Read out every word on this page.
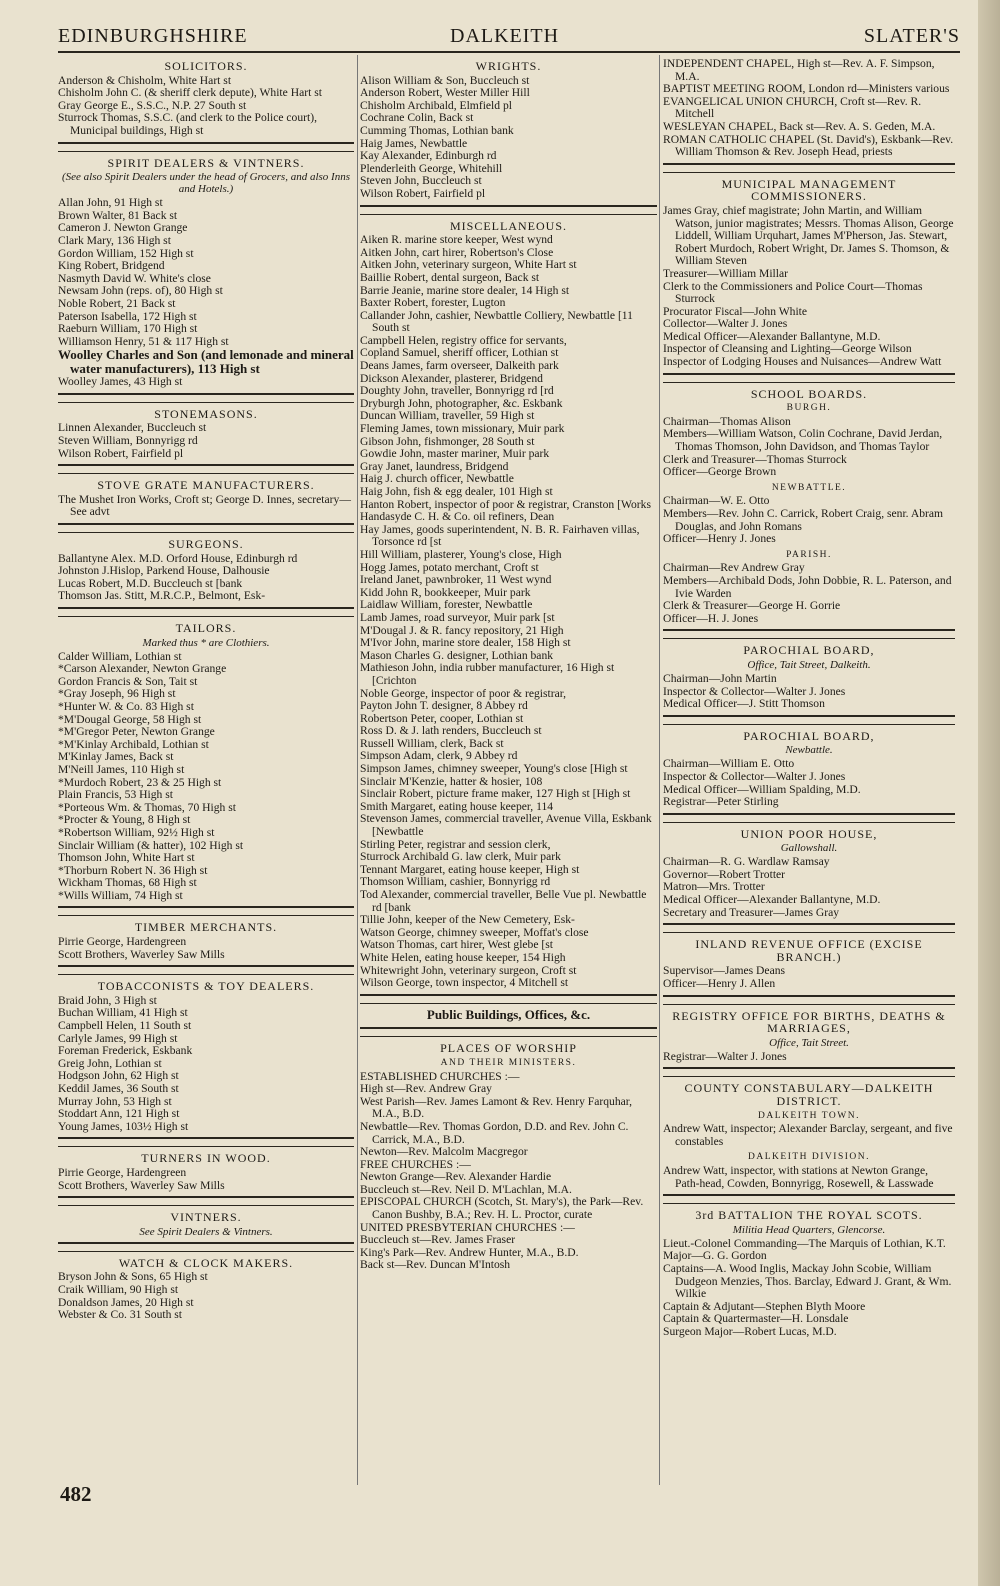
EDINBURGHSHIRE	DALKEITH	SLATER'S
SOLICITORS.
Anderson & Chisholm, White Hart st
Chisholm John C. (& sheriff clerk depute), White Hart st
Gray George E., S.S.C., N.P. 27 South st
Sturrock Thomas, S.S.C. (and clerk to the Police court), Municipal buildings, High st
SPIRIT DEALERS & VINTNERS.
(See also Spirit Dealers under the head of Grocers, and also Inns and Hotels.)
Allan John, 91 High st
Brown Walter, 81 Back st
Cameron J. Newton Grange
Clark Mary, 136 High st
Gordon William, 152 High st
King Robert, Bridgend
Nasmyth David W. White's close
Newsam John (reps. of), 80 High st
Noble Robert, 21 Back st
Paterson Isabella, 172 High st
Raeburn William, 170 High st
Williamson Henry, 51 & 117 High st
Woolley Charles and Son (and lemonade and mineral water manufacturers), 113 High st
Woolley James, 43 High st
STONEMASONS.
Linnen Alexander, Buccleuch st
Steven William, Bonnyrigg rd
Wilson Robert, Fairfield pl
STOVE GRATE MANUFACTURERS.
The Mushet Iron Works, Croft st; George D. Innes, secretary—See advt
SURGEONS.
Ballantyne Alex. M.D. Orford House, Edinburgh rd
Johnston J.Hislop, Parkend House, Dalhousie
Lucas Robert, M.D. Buccleuch st [bank
Thomson Jas. Stitt, M.R.C.P., Belmont, Esk-
TAILORS.
Marked thus * are Clothiers.
Calder William, Lothian st
*Carson Alexander, Newton Grange
Gordon Francis & Son, Tait st
*Gray Joseph, 96 High st
*Hunter W. & Co. 83 High st
*M'Dougal George, 58 High st
*M'Gregor Peter, Newton Grange
*M'Kinlay Archibald, Lothian st
M'Kinlay James, Back st
M'Neill James, 110 High st
*Murdoch Robert, 23 & 25 High st
Plain Francis, 53 High st
*Porteous Wm. & Thomas, 70 High st
*Procter & Young, 8 High st
*Robertson William, 92½ High st
Sinclair William (& hatter), 102 High st
Thomson John, White Hart st
*Thorburn Robert N. 36 High st
Wickham Thomas, 68 High st
*Wills William, 74 High st
TIMBER MERCHANTS.
Pirrie George, Hardengreen
Scott Brothers, Waverley Saw Mills
TOBACCONISTS & TOY DEALERS.
Braid John, 3 High st
Buchan William, 41 High st
Campbell Helen, 11 South st
Carlyle James, 99 High st
Foreman Frederick, Eskbank
Greig John, Lothian st
Hodgson John, 62 High st
Keddil James, 36 South st
Murray John, 53 High st
Stoddart Ann, 121 High st
Young James, 103½ High st
TURNERS IN WOOD.
Pirrie George, Hardengreen
Scott Brothers, Waverley Saw Mills
VINTNERS.
See Spirit Dealers & Vintners.
WATCH & CLOCK MAKERS.
Bryson John & Sons, 65 High st
Craik William, 90 High st
Donaldson James, 20 High st
Webster & Co. 31 South st
WRIGHTS.
Alison William & Son, Buccleuch st
Anderson Robert, Wester Miller Hill
Chisholm Archibald, Elmfield pl
Cochrane Colin, Back st
Cumming Thomas, Lothian bank
Haig James, Newbattle
Kay Alexander, Edinburgh rd
Plenderleith George, Whitehill
Steven John, Buccleuch st
Wilson Robert, Fairfield pl
MISCELLANEOUS.
Aiken R. marine store keeper, West wynd
Aitken John, cart hirer, Robertson's Close
Aitken John, veterinary surgeon, White Hart st
Baillie Robert, dental surgeon, Back st
Barrie Jeanie, marine store dealer, 14 High st
Baxter Robert, forester, Lugton
Callander John, cashier, Newbattle Colliery, Newbattle [11 South st
Campbell Helen, registry office for servants,
Copland Samuel, sheriff officer, Lothian st
Deans James, farm overseer, Dalkeith park
Dickson Alexander, plasterer, Bridgend
Doughty John, traveller, Bonnyrigg rd [rd
Dryburgh John, photographer, &c. Eskbank
Duncan William, traveller, 59 High st
Fleming James, town missionary, Muir park
Gibson John, fishmonger, 28 South st
Gowdie John, master mariner, Muir park
Gray Janet, laundress, Bridgend
Haig J. church officer, Newbattle
Haig John, fish & egg dealer, 101 High st
Hanton Robert, inspector of poor & registrar, Cranston [Works
Handasyde C. H. & Co. oil refiners, Dean
Hay James, goods superintendent, N. B. R. Fairhaven villas, Torsonce rd [st
Hill William, plasterer, Young's close, High
Hogg James, potato merchant, Croft st
Ireland Janet, pawnbroker, 11 West wynd
Kidd John R, bookkeeper, Muir park
Laidlaw William, forester, Newbattle
Lamb James, road surveyor, Muir park [st
M'Dougal J. & R. fancy repository, 21 High
M'Ivor John, marine store dealer, 158 High st
Mason Charles G. designer, Lothian bank
Mathieson John, india rubber manufacturer, 16 High st [Crichton
Noble George, inspector of poor & registrar,
Payton John T. designer, 8 Abbey rd
Robertson Peter, cooper, Lothian st
Ross D. & J. lath renders, Buccleuch st
Russell William, clerk, Back st
Simpson Adam, clerk, 9 Abbey rd
Simpson James, chimney sweeper, Young's close [High st
Sinclair M'Kenzie, hatter & hosier, 108
Sinclair Robert, picture frame maker, 127 High st [High st
Smith Margaret, eating house keeper, 114
Stevenson James, commercial traveller, Avenue Villa, Eskbank [Newbattle
Stirling Peter, registrar and session clerk,
Sturrock Archibald G. law clerk, Muir park
Tennant Margaret, eating house keeper, High st
Thomson William, cashier, Bonnyrigg rd
Tod Alexander, commercial traveller, Belle Vue pl. Newbattle rd [bank
Tillie John, keeper of the New Cemetery, Esk-
Watson George, chimney sweeper, Moffat's close
Watson Thomas, cart hirer, West glebe [st
White Helen, eating house keeper, 154 High
Whitewright John, veterinary surgeon, Croft st
Wilson George, town inspector, 4 Mitchell st
Public Buildings, Offices, &c.
PLACES OF WORSHIP
AND THEIR MINISTERS.
ESTABLISHED CHURCHES :—
High st—Rev. Andrew Gray
West Parish—Rev. James Lamont & Rev. Henry Farquhar, M.A., B.D.
Newbattle—Rev. Thomas Gordon, D.D. and Rev. John C. Carrick, M.A., B.D.
Newton—Rev. Malcolm Macgregor
FREE CHURCHES :—
Newton Grange—Rev. Alexander Hardie
Buccleuch st—Rev. Neil D. M'Lachlan, M.A.
EPISCOPAL CHURCH (Scotch, St. Mary's), the Park—Rev. Canon Bushby, B.A.; Rev. H. L. Proctor, curate
UNITED PRESBYTERIAN CHURCHES :—
Buccleuch st—Rev. James Fraser
King's Park—Rev. Andrew Hunter, M.A., B.D.
Back st—Rev. Duncan M'Intosh
INDEPENDENT CHAPEL, High st—Rev. A. F. Simpson, M.A.
BAPTIST MEETING ROOM, London rd—Ministers various
EVANGELICAL UNION CHURCH, Croft st—Rev. R. Mitchell
WESLEYAN CHAPEL, Back st—Rev. A. S. Geden, M.A.
ROMAN CATHOLIC CHAPEL (St. David's), Eskbank—Rev. William Thomson & Rev. Joseph Head, priests
MUNICIPAL MANAGEMENT COMMISSIONERS.
James Gray, chief magistrate; John Martin, and William Watson, junior magistrates; Messrs. Thomas Alison, George Liddell, William Urquhart, James M'Pherson, Jas. Stewart, Robert Murdoch, Robert Wright, Dr. James S. Thomson, & William Steven
Treasurer—William Millar
Clerk to the Commissioners and Police Court—Thomas Sturrock
Procurator Fiscal—John White
Collector—Walter J. Jones
Medical Officer—Alexander Ballantyne, M.D.
Inspector of Cleansing and Lighting—George Wilson
Inspector of Lodging Houses and Nuisances—Andrew Watt
SCHOOL BOARDS.
BURGH.
Chairman—Thomas Alison
Members—William Watson, Colin Cochrane, David Jerdan, Thomas Thomson, John Davidson, and Thomas Taylor
Clerk and Treasurer—Thomas Sturrock
Officer—George Brown
NEWBATTLE.
Chairman—W. E. Otto
Members—Rev. John C. Carrick, Robert Craig, senr. Abram Douglas, and John Romans
Officer—Henry J. Jones
PARISH.
Chairman—Rev Andrew Gray
Members—Archibald Dods, John Dobbie, R. L. Paterson, and Ivie Warden
Clerk & Treasurer—George H. Gorrie
Officer—H. J. Jones
PAROCHIAL BOARD,
Office, Tait Street, Dalkeith.
Chairman—John Martin
Inspector & Collector—Walter J. Jones
Medical Officer—J. Stitt Thomson
PAROCHIAL BOARD,
Newbattle.
Chairman—William E. Otto
Inspector & Collector—Walter J. Jones
Medical Officer—William Spalding, M.D.
Registrar—Peter Stirling
UNION POOR HOUSE,
Gallowshall.
Chairman—R. G. Wardlaw Ramsay
Governor—Robert Trotter
Matron—Mrs. Trotter
Medical Officer—Alexander Ballantyne, M.D.
Secretary and Treasurer—James Gray
INLAND REVENUE OFFICE (EXCISE BRANCH.)
Supervisor—James Deans
Officer—Henry J. Allen
REGISTRY OFFICE FOR BIRTHS, DEATHS & MARRIAGES,
Office, Tait Street.
Registrar—Walter J. Jones
COUNTY CONSTABULARY—DALKEITH DISTRICT.
DALKEITH TOWN.
Andrew Watt, inspector; Alexander Barclay, sergeant, and five constables
DALKEITH DIVISION.
Andrew Watt, inspector, with stations at Newton Grange, Path-head, Cowden, Bonnyrigg, Rosewell, & Lasswade
3rd BATTALION THE ROYAL SCOTS.
Militia Head Quarters, Glencorse.
Lieut.-Colonel Commanding—The Marquis of Lothian, K.T.
Major—G. G. Gordon
Captains—A. Wood Inglis, Mackay John Scobie, William Dudgeon Menzies, Thos. Barclay, Edward J. Grant, & Wm. Wilkie
Captain & Adjutant—Stephen Blyth Moore
Captain & Quartermaster—H. Lonsdale
Surgeon Major—Robert Lucas, M.D.
482
